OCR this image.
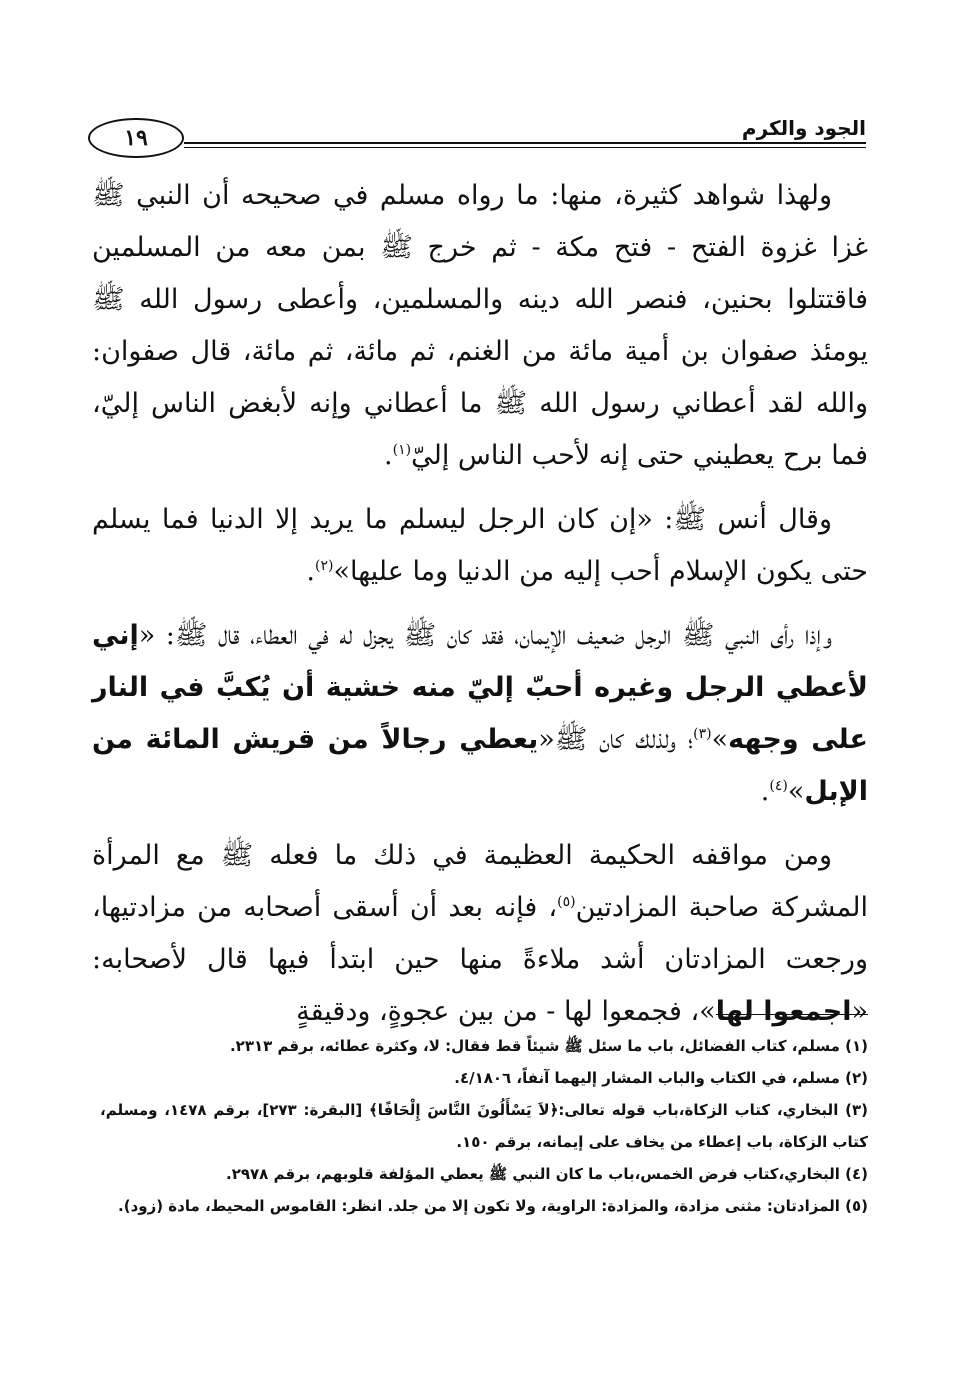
الجود والكرم
١٩

ولهذا شواهد كثيرة، منها: ما رواه مسلم في صحيحه أن النبي ﷺ غزا غزوة الفتح - فتح مكة - ثم خرج ﷺ بمن معه من المسلمين فاقتتلوا بحنين، فنصر الله دينه والمسلمين، وأعطى رسول الله ﷺ يومئذ صفوان بن أمية مائة من الغنم، ثم مائة، ثم مائة، قال صفوان: والله لقد أعطاني رسول الله ﷺ ما أعطاني وإنه لأبغض الناس إليّ، فما برح يعطيني حتى إنه لأحب الناس إليّ$^{(١)}$.

وقال أنس ﷺ: «إن كان الرجل ليسلم ما يريد إلا الدنيا فما يسلم حتى يكون الإسلام أحب إليه من الدنيا وما عليها»$^{(٢)}$.

وإذا رأى النبي ﷺ الرجل ضعيف الإيمان، فقد كان ﷺ يجزل له في العطاء، قال ﷺ: «إني لأعطي الرجل وغيره أحبّ إليّ منه خشية أن يُكبَّ في النار على وجهه»$^{(٣)}$؛ ولذلك كان ﷺ«يعطي رجالاً من قريش المائة من الإبل»$^{(٤)}$.

ومن مواقفه الحكيمة العظيمة في ذلك ما فعله ﷺ مع المرأة المشركة صاحبة المزادتين$^{(٥)}$، فإنه بعد أن أسقى أصحابه من مزادتيها، ورجعت المزادتان أشد ملاءةً منها حين ابتدأ فيها قال لأصحابه: «اجمعوا لها»، فجمعوا لها - من بين عجوةٍ، ودقيقةٍ

(١) مسلم، كتاب الفضائل، باب ما سئل ﷺ شيئاً قط فقال: لا، وكثرة عطائه، برقم ٢٣١٣.

(٢) مسلم، في الكتاب والباب المشار إليهما آنفاً، ٤/١٨٠٦.

(٣) البخاري، كتاب الزكاة،باب قوله تعالى:﴿لاَ يَسْأَلُونَ النَّاسَ إِلْحَافًا﴾ [البقرة: ٢٧٣]، برقم ١٤٧٨، ومسلم، كتاب الزكاة، باب إعطاء من يخاف على إيمانه، برقم ١٥٠.

(٤) البخاري،كتاب فرض الخمس،باب ما كان النبي ﷺ يعطي المؤلفة قلوبهم، برقم ٢٩٧٨.

(٥) المزادتان: مثنى مزادة، والمزادة: الراوية، ولا تكون إلا من جلد. انظر: القاموس المحيط، مادة (زود).
